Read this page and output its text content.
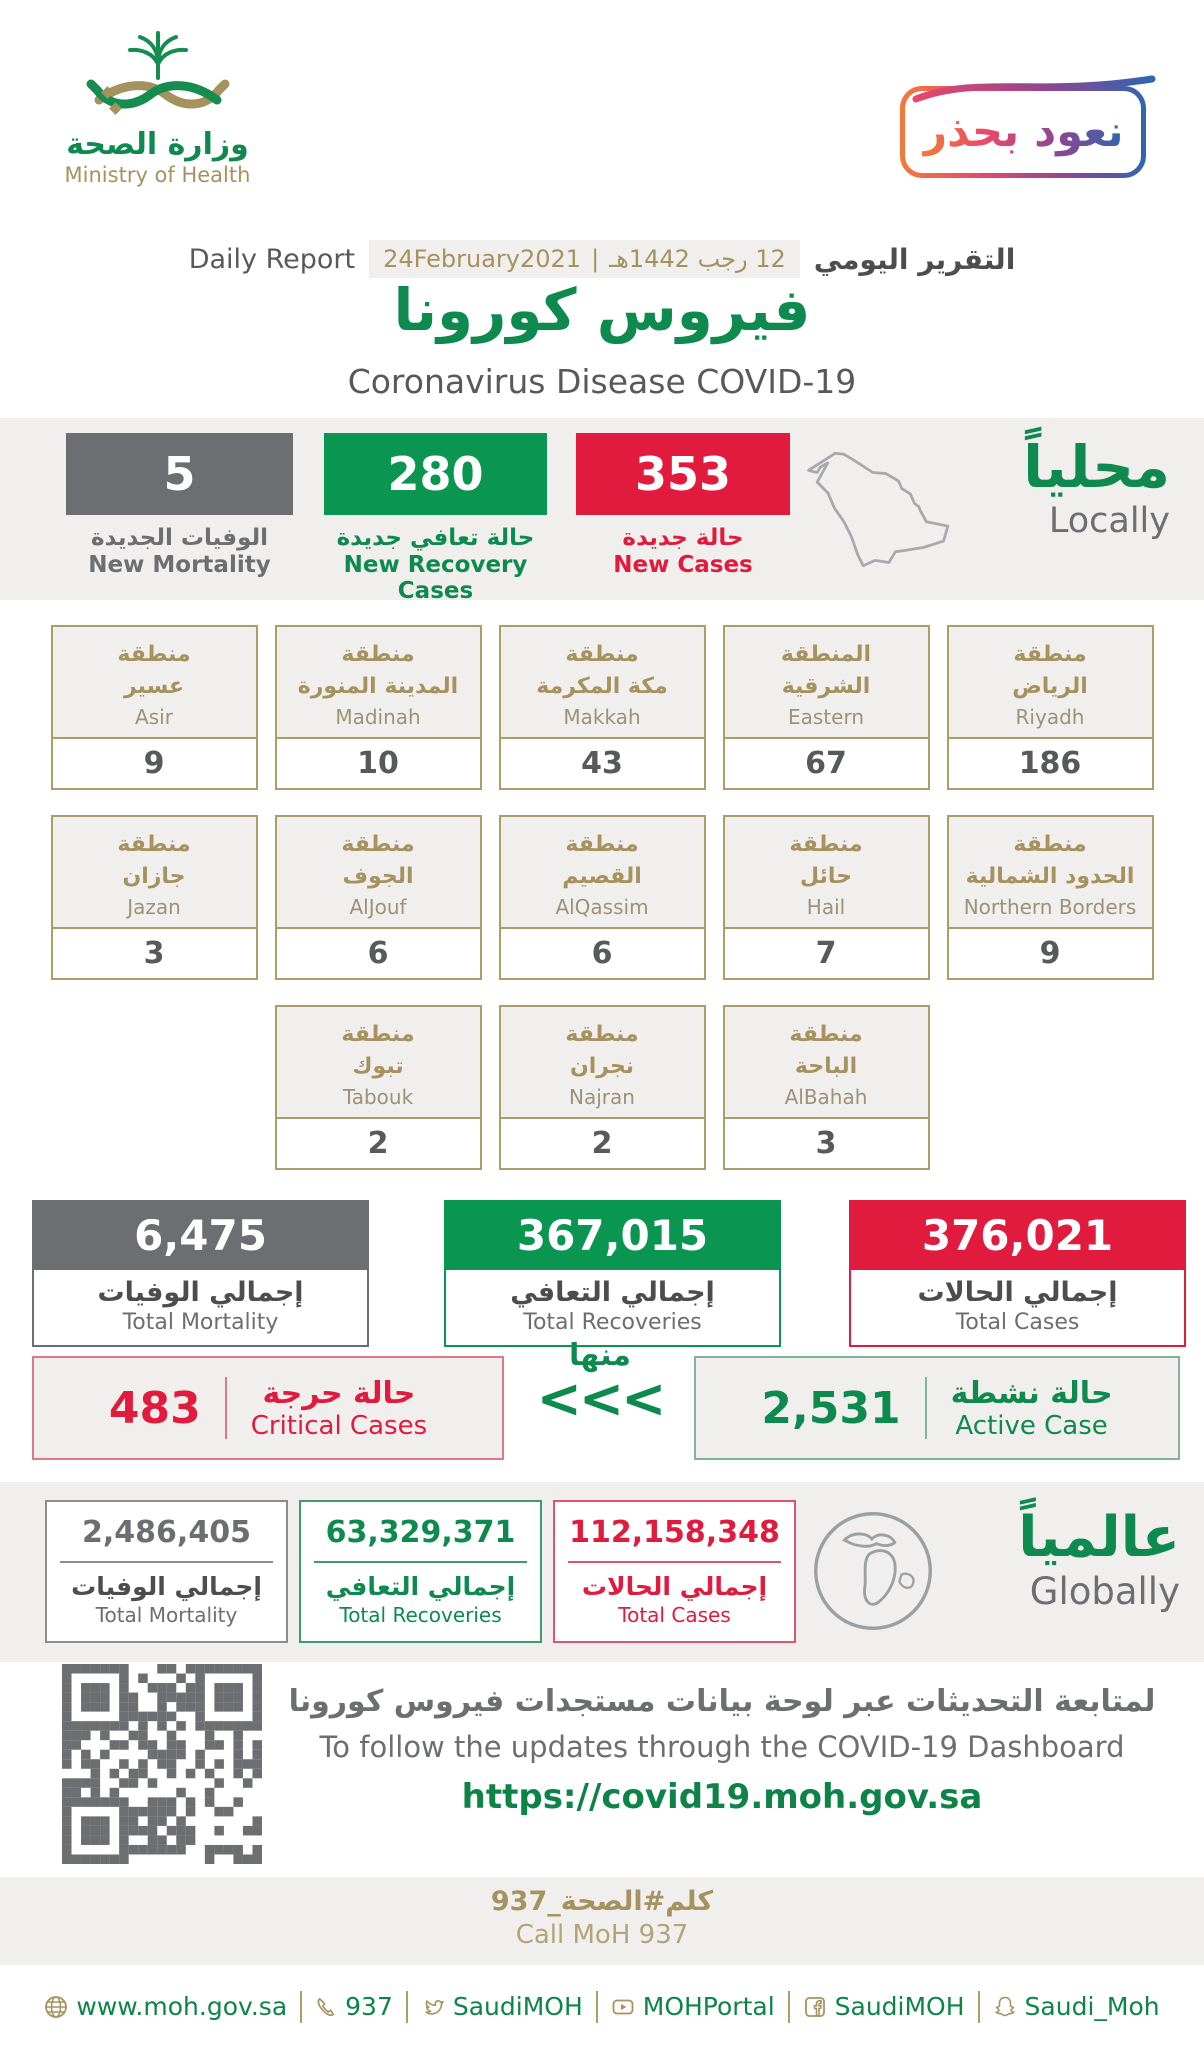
وزارة الصحة
Ministry of Health
نعود بحذر
Daily Report 24February2021 | 12 رجب 1442هـ التقرير اليومي
فيروس كورونا
Coronavirus Disease COVID-19
5
الوفيات الجديدة
New Mortality
280
حالة تعافي جديدة
New Recovery Cases
353
حالة جديدة
New Cases
محلياً
Locally
منطقة
عسير
Asir
9
منطقة
المدينة المنورة
Madinah
10
منطقة
مكة المكرمة
Makkah
43
المنطقة
الشرقية
Eastern
67
منطقة
الرياض
Riyadh
186
منطقة
جازان
Jazan
3
منطقة
الجوف
AlJouf
6
منطقة
القصيم
AlQassim
6
منطقة
حائل
Hail
7
منطقة
الحدود الشمالية
Northern Borders
9
منطقة
تبوك
Tabouk
2
منطقة
نجران
Najran
2
منطقة
الباحة
AlBahah
3
6,475
إجمالي الوفيات
Total Mortality
367,015
إجمالي التعافي
Total Recoveries
376,021
إجمالي الحالات
Total Cases
483	حالة حرجة
Critical Cases
منها
<<< 2,531 حالة نشطة
Active Case
2,486,405
إجمالي الوفيات
Total Mortality
63,329,371
إجمالي التعافي
Total Recoveries
112,158,348
إجمالي الحالات
Total Cases
عالمياً
Globally
لمتابعة التحديثات عبر لوحة بيانات مستجدات فيروس كورونا
To follow the updates through the COVID-19 Dashboard
https://covid19.moh.gov.sa
كلم#الصحة_937
Call MoH 937
www.moh.gov.sa 937 SaudiMOH MOHPortal SaudiMOH Saudi_Moh
